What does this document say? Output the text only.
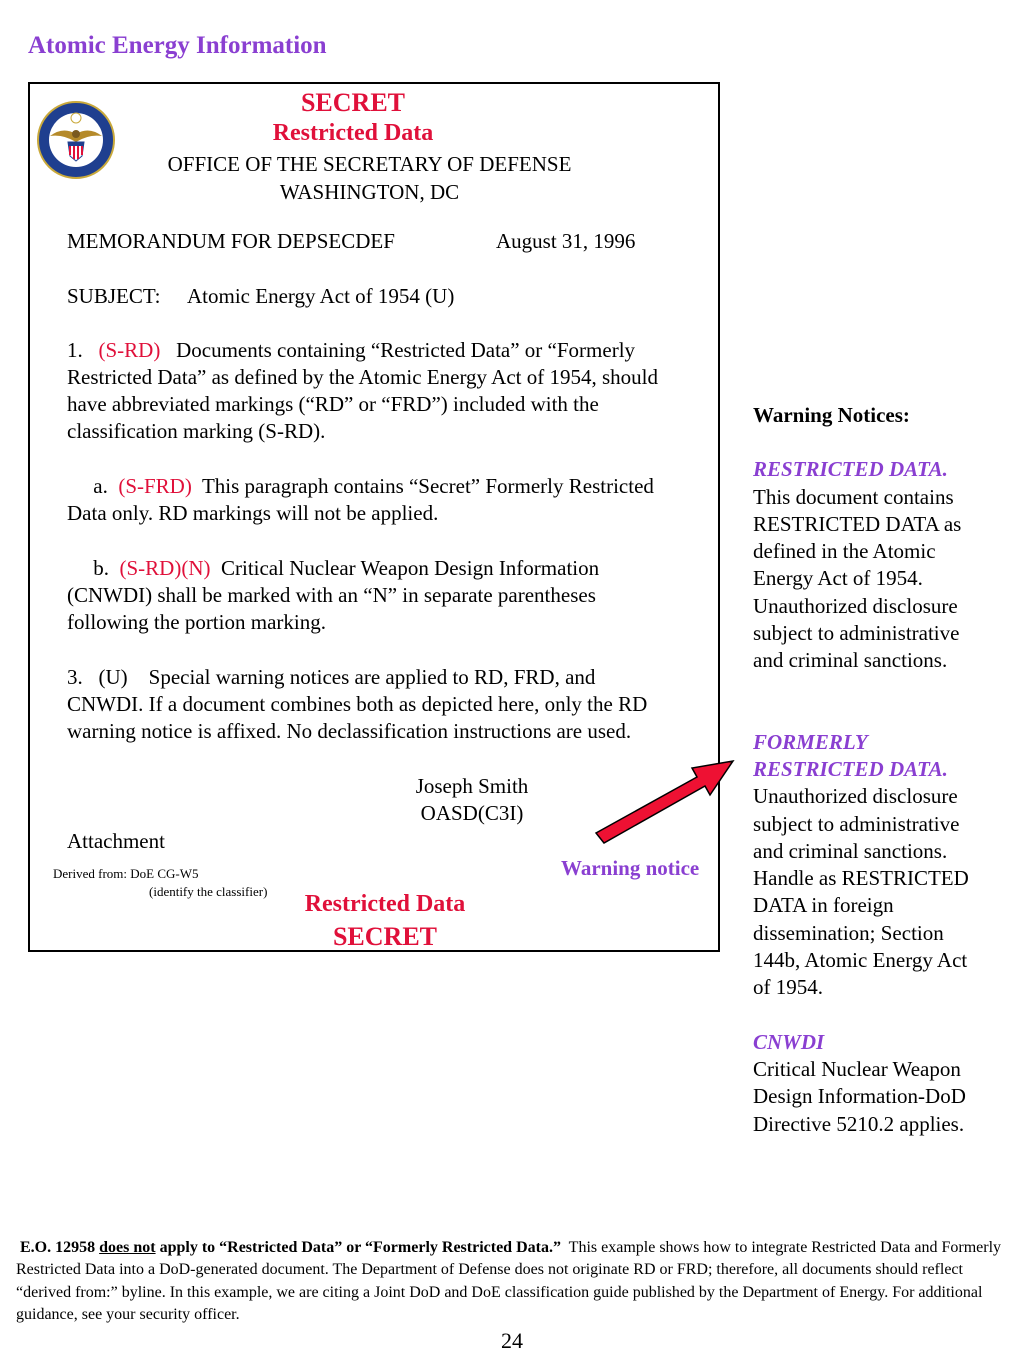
Atomic Energy Information
SECRET
Restricted Data
OFFICE OF THE SECRETARY OF DEFENSE
WASHINGTON, DC
MEMORANDUM FOR DEPSECDEF	August 31, 1996
SUBJECT: Atomic Energy Act of 1954 (U)
1. (S-RD) Documents containing “Restricted Data” or “Formerly
Restricted Data” as defined by the Atomic Energy Act of 1954, should
have abbreviated markings (“RD” or “FRD”) included with the
classification marking (S-RD).
a. (S-FRD) This paragraph contains “Secret” Formerly Restricted
Data only. RD markings will not be applied.
b. (S-RD)(N) Critical Nuclear Weapon Design Information
(CNWDI) shall be marked with an “N” in separate parentheses
following the portion marking.
3. (U) Special warning notices are applied to RD, FRD, and
CNWDI. If a document combines both as depicted here, only the RD
warning notice is affixed. No declassification instructions are used.
Joseph Smith
OASD(C3I)
Attachment
Derived from: DoE CG-W5
(identify the classifier)	Restricted Data
SECRET
Warning notice
Warning Notices:
RESTRICTED DATA.
This document contains
RESTRICTED DATA as
defined in the Atomic
Energy Act of 1954.
Unauthorized disclosure
subject to administrative
and criminal sanctions.
FORMERLY
RESTRICTED DATA.
Unauthorized disclosure
subject to administrative
and criminal sanctions.
Handle as RESTRICTED
DATA in foreign
dissemination; Section
144b, Atomic Energy Act
of 1954.
CNWDI
Critical Nuclear Weapon
Design Information-DoD
Directive 5210.2 applies.
E.O. 12958 does not apply to “Restricted Data” or “Formerly Restricted Data.” This example shows how to integrate Restricted Data and Formerly Restricted Data into a DoD-generated document. The Department of Defense does not originate RD or FRD; therefore, all documents should reflect “derived from:” byline. In this example, we are citing a Joint DoD and DoE classification guide published by the Department of Energy. For additional guidance, see your security officer.
24
